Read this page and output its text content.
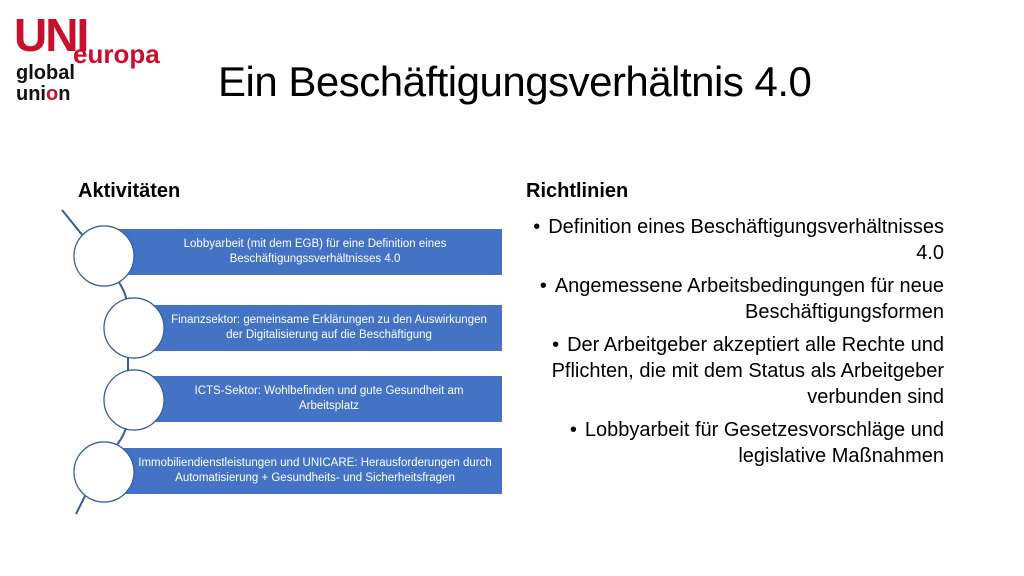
UNI
europa
global
union	Ein Beschäftigungsverhältnis 4.0
Aktivitäten	Richtlinien
Lobbyarbeit (mit dem EGB) für eine Definition eines Beschäftigungssverhältnisses 4.0
Finanzsektor: gemeinsame Erklärungen zu den Auswirkungen der Digitalisierung auf die Beschäftigung
ICTS-Sektor: Wohlbefinden und gute Gesundheit am Arbeitsplatz
Immobiliendienstleistungen und UNICARE: Herausforderungen durch Automatisierung + Gesundheits- und Sicherheitsfragen
• Definition eines Beschäftigungsverhältnisses 4.0
• Angemessene Arbeitsbedingungen für neue Beschäftigungsformen
• Der Arbeitgeber akzeptiert alle Rechte und Pflichten, die mit dem Status als Arbeitgeber verbunden sind
• Lobbyarbeit für Gesetzesvorschläge und legislative Maßnahmen
